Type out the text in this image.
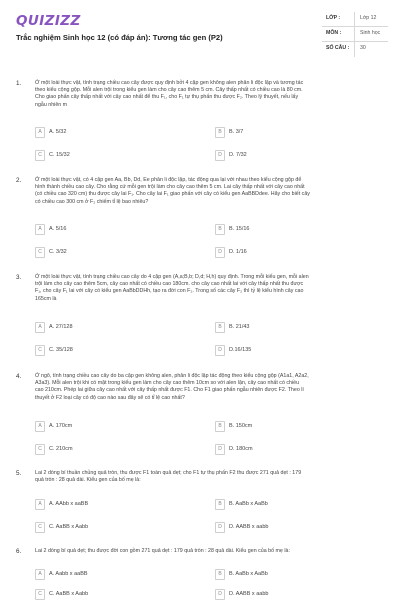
QUIZIZZ
Trắc nghiệm Sinh học 12 (có đáp án): Tương tác gen (P2)
LỚP :	Lớp 12
MÔN :	Sinh học
SỐ CÂU : 30
1.	Ở một loài thực vật, tính trạng chiều cao cây được quy định bởi 4 cặp gen không alen phân li độc lập và tương tác
theo kiểu cộng gộp. Mỗi alen trội trong kiểu gen làm cho cây cao thêm 5 cm. Cây thấp nhất có chiều cao là 80 cm.
Cho giao phấn cây thấp nhất với cây cao nhất để thu F₁, cho F₁ tự thụ phấn thu được F₂. Theo lý thuyết, nếu lấy
ngẫu nhiên m
A	A. 5/32	B	B. 3/7
C	C. 15/32	D	D. 7/32
2.	Ở một loài thực vật, có 4 cặp gen Aa, Bb, Dd, Ee phân li độc lập, tác động qua lại với nhau theo kiểu cộng gộp để
hình thành chiều cao cây. Cho rằng cứ mỗi gen trội làm cho cây cao thêm 5 cm. Lai cây thấp nhất với cây cao nhất
(có chiều cao 320 cm) thu được cây lai F₁. Cho cây lai F₁ giao phấn với cây có kiểu gen AaBBDdee. Hãy cho biết cây
có chiều cao 300 cm ở F₂ chiếm tỉ lệ bao nhiêu?
A	A. 5/16	B	B. 15/16
C	C. 3/32	D	D. 1/16
3.	Ở một loài thực vật, tính trạng chiều cao cây do 4 cặp gen (A,a;B,b; D,d; H,h) quy định. Trong mỗi kiểu gen, mỗi alen
trội làm cho cây cao thêm 5cm, cây cao nhất có chiều cao 180cm. cho cây cao nhất lai với cây thấp nhất thu được
F₁, cho cây F₁ lai với cây có kiểu gen AaBbDDHh, tạo ra đời con F₂. Trong số các cây F₂ thì tỷ lệ kiểu hình cây cao
165cm là
A	A. 27/128	B	B. 21/43
C	C. 35/128	D	D.16/135
4.	Ở ngô, tính trạng chiều cao cây do ba cặp gen không alen, phân li độc lập tác động theo kiểu cộng gộp (A1a1, A2a2,
A3a3). Mỗi alen trội khi có mặt trong kiểu gen làm cho cây cao thêm 10cm so với alen lặn, cây cao nhất có chiều
cao 210cm. Phép lai giữa cây cao nhất với cây thấp nhất được F1. Cho F1 giao phấn ngẫu nhiên được F2. Theo lí
thuyết ở F2 loại cây có độ cao nào sau đây sẽ có tỉ lệ cao nhất?
A	A. 170cm	B	B. 150cm
C	C. 210cm	D	D. 180cm
5.	Lai 2 dòng bí thuần chủng quả tròn, thu được F1 toàn quả dẹt; cho F1 tự thụ phấn F2 thu được 271 quả dẹt : 179
quả tròn : 28 quả dài. Kiểu gen của bố mẹ là:
A	A. AAbb x aaBB	B	B. AaBb x AaBb
C	C. AaBB x Aabb	D	D. AABB x aabb
6.	Lai 2 dòng bí quả dẹt; thu được đời con gồm 271 quả dẹt : 179 quả tròn : 28 quả dài. Kiểu gen của bố mẹ là:
A	A. Aabb x aaBB	B	B. AaBb x AaBb
C	C. AaBB x Aabb	D	D. AABB x aabb
